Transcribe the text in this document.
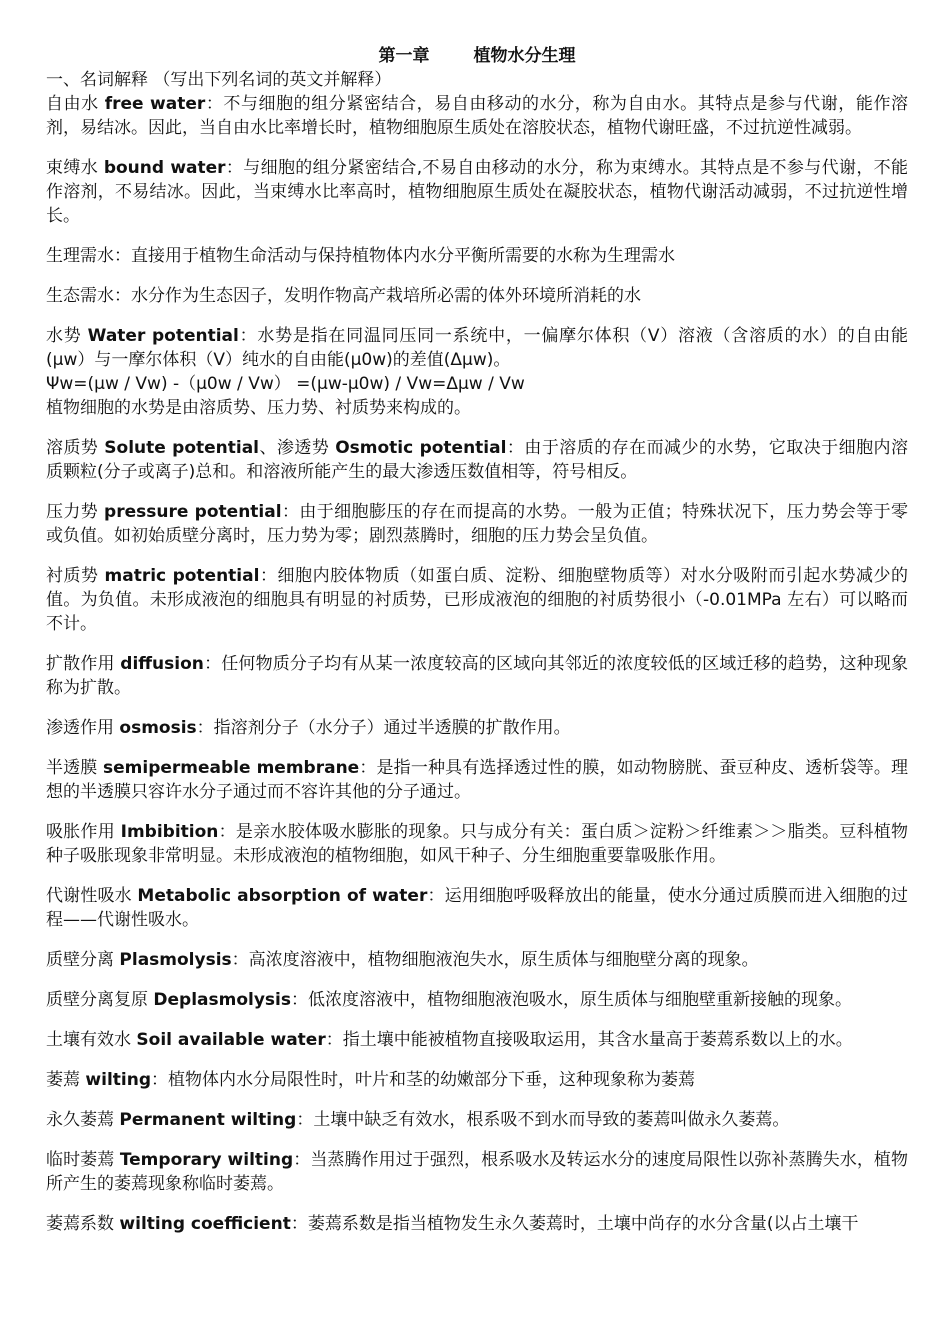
第一章	植物水分生理
一、名词解释 （写出下列名词的英文并解释）
自由水 free water：不与细胞的组分紧密结合，易自由移动的水分，称为自由水。其特点是参与代谢，能作溶剂，易结冰。因此，当自由水比率增长时，植物细胞原生质处在溶胶状态，植物代谢旺盛，不过抗逆性减弱。
束缚水 bound water：与细胞的组分紧密结合,不易自由移动的水分，称为束缚水。其特点是不参与代谢，不能作溶剂，不易结冰。因此，当束缚水比率高时，植物细胞原生质处在凝胶状态，植物代谢活动减弱，不过抗逆性增长。
生理需水：直接用于植物生命活动与保持植物体内水分平衡所需要的水称为生理需水
生态需水：水分作为生态因子，发明作物高产栽培所必需的体外环境所消耗的水
水势 Water potential：水势是指在同温同压同一系统中，一偏摩尔体积（V）溶液（含溶质的水）的自由能(μw）与一摩尔体积（V）纯水的自由能(μ0w)的差值(Δμw)。
Ψw=(μw / Vw) -（μ0w / Vw） =(μw-μ0w) / Vw=Δμw / Vw
植物细胞的水势是由溶质势、压力势、衬质势来构成的。
溶质势 Solute potential、渗透势 Osmotic potential：由于溶质的存在而减少的水势，它取决于细胞内溶质颗粒(分子或离子)总和。和溶液所能产生的最大渗透压数值相等，符号相反。
压力势 pressure potential：由于细胞膨压的存在而提高的水势。一般为正值；特殊状况下，压力势会等于零或负值。如初始质壁分离时，压力势为零；剧烈蒸腾时，细胞的压力势会呈负值。
衬质势 matric potential：细胞内胶体物质（如蛋白质、淀粉、细胞壁物质等）对水分吸附而引起水势减少的值。为负值。未形成液泡的细胞具有明显的衬质势，已形成液泡的细胞的衬质势很小（-0.01MPa 左右）可以略而不计。
扩散作用 diffusion：任何物质分子均有从某一浓度较高的区域向其邻近的浓度较低的区域迁移的趋势，这种现象称为扩散。
渗透作用 osmosis：指溶剂分子（水分子）通过半透膜的扩散作用。
半透膜 semipermeable membrane：是指一种具有选择透过性的膜，如动物膀胱、蚕豆种皮、透析袋等。理想的半透膜只容许水分子通过而不容许其他的分子通过。
吸胀作用 Imbibition：是亲水胶体吸水膨胀的现象。只与成分有关：蛋白质＞淀粉＞纤维素＞＞脂类。豆科植物种子吸胀现象非常明显。未形成液泡的植物细胞，如风干种子、分生细胞重要靠吸胀作用。
代谢性吸水 Metabolic absorption of water：运用细胞呼吸释放出的能量，使水分通过质膜而进入细胞的过程——代谢性吸水。
质壁分离 Plasmolysis：高浓度溶液中，植物细胞液泡失水，原生质体与细胞壁分离的现象。
质壁分离复原 Deplasmolysis：低浓度溶液中，植物细胞液泡吸水，原生质体与细胞壁重新接触的现象。
土壤有效水 Soil available water：指土壤中能被植物直接吸取运用，其含水量高于萎蔫系数以上的水。
萎蔫 wilting：植物体内水分局限性时，叶片和茎的幼嫩部分下垂，这种现象称为萎蔫
永久萎蔫 Permanent wilting：土壤中缺乏有效水，根系吸不到水而导致的萎蔫叫做永久萎蔫。
临时萎蔫 Temporary wilting：当蒸腾作用过于强烈，根系吸水及转运水分的速度局限性以弥补蒸腾失水，植物所产生的萎蔫现象称临时萎蔫。
萎蔫系数 wilting coefficient：萎蔫系数是指当植物发生永久萎蔫时，土壤中尚存的水分含量(以占土壤干
